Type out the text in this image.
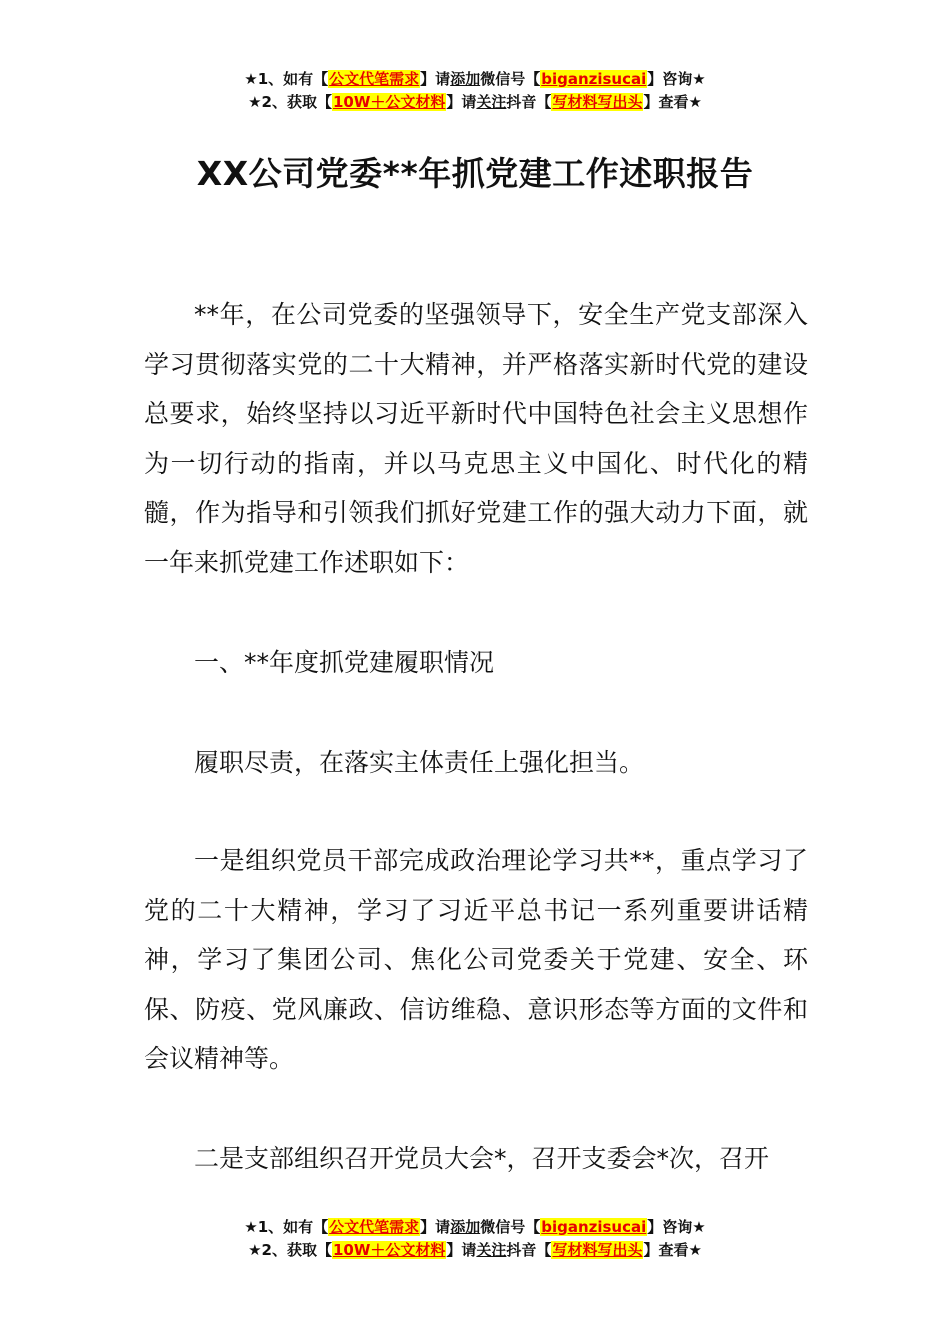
★1、如有【公文代笔需求】请添加微信号【biganzisucai】咨询★
★2、获取【10W＋公文材料】请关注抖音【写材料写出头】查看★
XX公司党委**年抓党建工作述职报告

**年，在公司党委的坚强领导下，安全生产党支部深入学习贯彻落实党的二十大精神，并严格落实新时代党的建设总要求，始终坚持以习近平新时代中国特色社会主义思想作为一切行动的指南，并以马克思主义中国化、时代化的精髓，作为指导和引领我们抓好党建工作的强大动力下面，就一年来抓党建工作述职如下：

一、**年度抓党建履职情况

履职尽责，在落实主体责任上强化担当。

一是组织党员干部完成政治理论学习共**，重点学习了党的二十大精神，学习了习近平总书记一系列重要讲话精神，学习了集团公司、焦化公司党委关于党建、安全、环保、防疫、党风廉政、信访维稳、意识形态等方面的文件和会议精神等。

二是支部组织召开党员大会*，召开支委会*次，召开

★1、如有【公文代笔需求】请添加微信号【biganzisucai】咨询★
★2、获取【10W＋公文材料】请关注抖音【写材料写出头】查看★
